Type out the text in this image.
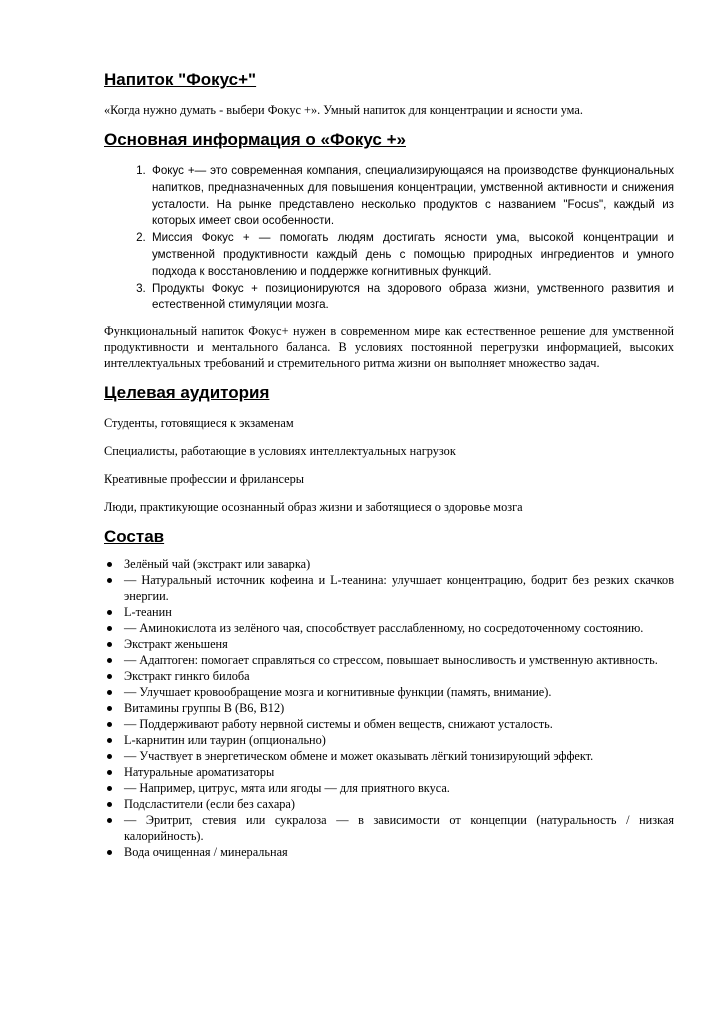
Напиток "Фокус+"

«Когда нужно думать - выбери Фокус +». Умный напиток для концентрации и ясности ума.

Основная информация о «Фокус +»
1. Фокус +— это современная компания, специализирующаяся на производстве функциональных напитков, предназначенных для повышения концентрации, умственной активности и снижения усталости. На рынке представлено несколько продуктов с названием "Focus", каждый из которых имеет свои особенности.
2. Миссия Фокус + — помогать людям достигать ясности ума, высокой концентрации и умственной продуктивности каждый день с помощью природных ингредиентов и умного подхода к восстановлению и поддержке когнитивных функций.
3. Продукты Фокус + позиционируются на здорового образа жизни, умственного развития и естественной стимуляции мозга.

Функциональный напиток Фокус+ нужен в современном мире как естественное решение для умственной продуктивности и ментального баланса. В условиях постоянной перегрузки информацией, высоких интеллектуальных требований и стремительного ритма жизни он выполняет множество задач.

Целевая аудитория

Студенты, готовящиеся к экзаменам

Специалисты, работающие в условиях интеллектуальных нагрузок

Креативные профессии и фрилансеры

Люди, практикующие осознанный образ жизни и заботящиеся о здоровье мозга

Состав
Зелёный чай (экстракт или заварка)
— Натуральный источник кофеина и L-теанина: улучшает концентрацию, бодрит без резких скачков энергии.
L-теанин
— Аминокислота из зелёного чая, способствует расслабленному, но сосредоточенному состоянию.
Экстракт женьшеня
— Адаптоген: помогает справляться со стрессом, повышает выносливость и умственную активность.
Экстракт гинкго билоба
— Улучшает кровообращение мозга и когнитивные функции (память, внимание).
Витамины группы В (В6, В12)
— Поддерживают работу нервной системы и обмен веществ, снижают усталость.
L-карнитин или таурин (опционально)
— Участвует в энергетическом обмене и может оказывать лёгкий тонизирующий эффект.
Натуральные ароматизаторы
— Например, цитрус, мята или ягоды — для приятного вкуса.
Подсластители (если без сахара)
— Эритрит, стевия или сукралоза — в зависимости от концепции (натуральность / низкая калорийность).
Вода очищенная / минеральная
